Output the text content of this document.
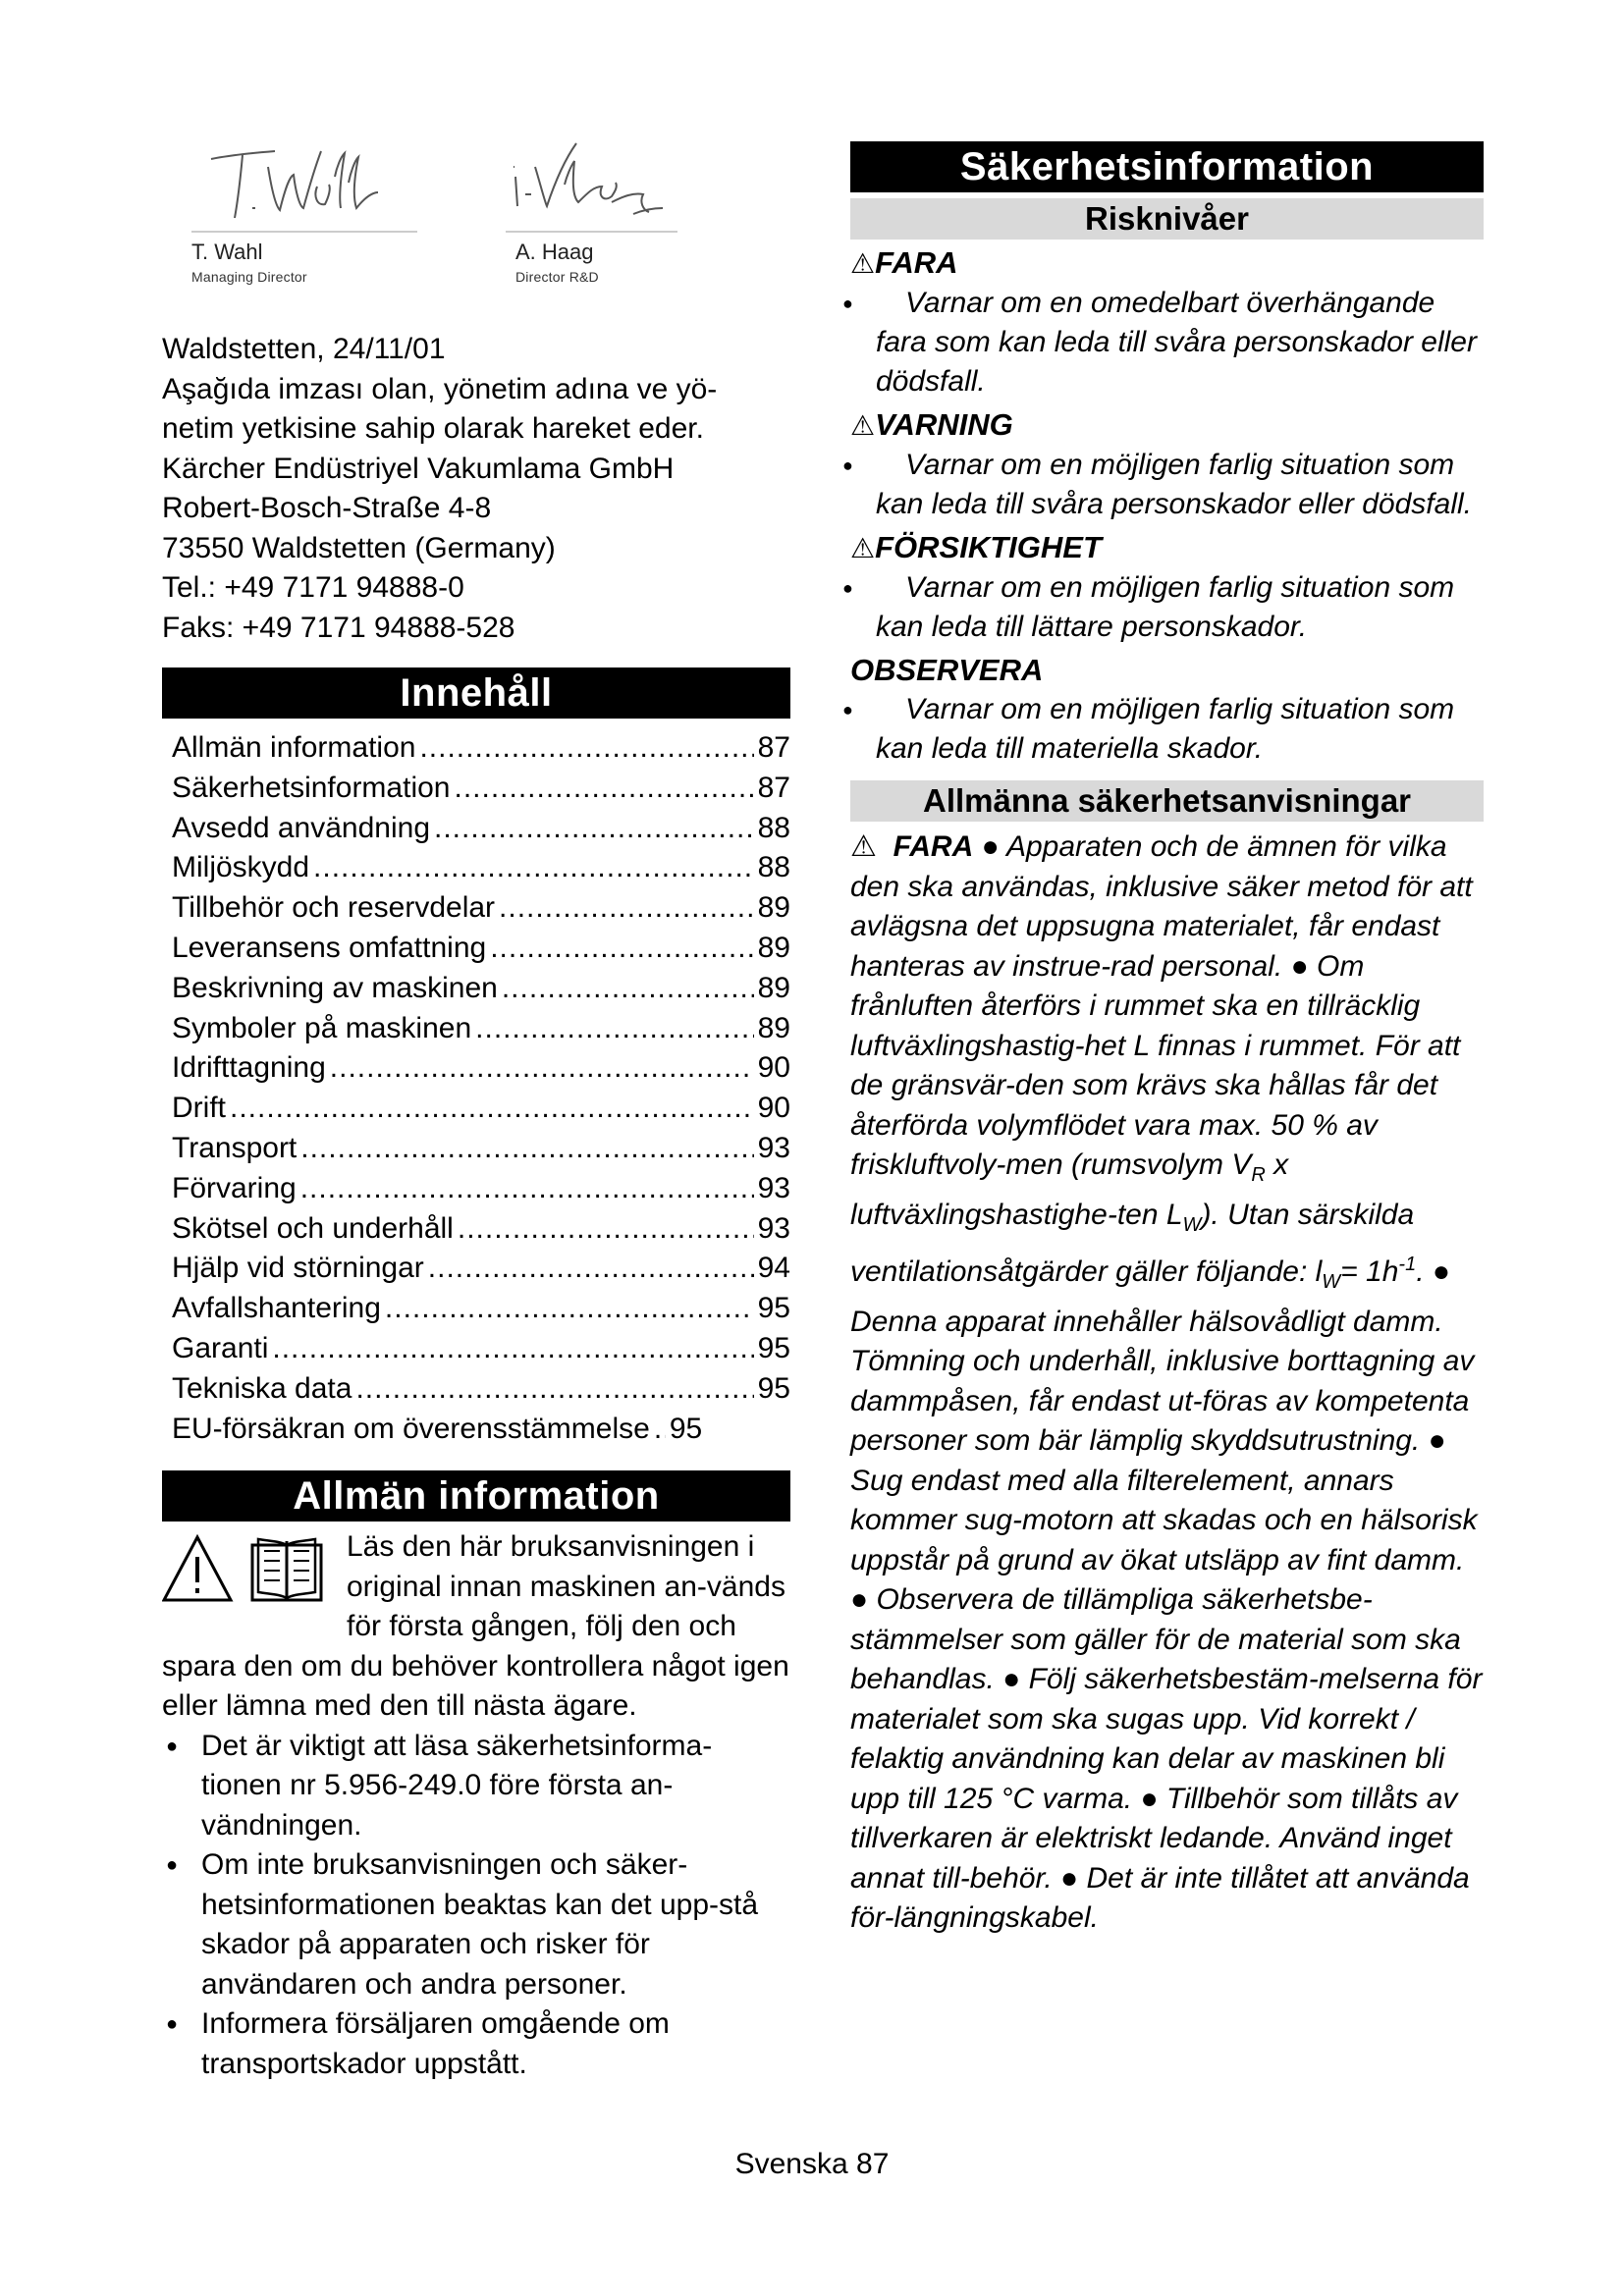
T. Wahl
Managing Director
A. Haag
Director R&D

Waldstetten, 24/11/01

Aşağıda imzası olan, yönetim adına ve yö-

netim yetkisine sahip olarak hareket eder.

Kärcher Endüstriyel Vakumlama GmbH

Robert-Bosch-Straße 4-8

73550 Waldstetten (Germany)

Tel.: +49 7171 94888-0

Faks: +49 7171 94888-528

Innehåll
Allmän information .....	87
Säkerhetsinformation .....	87
Avsedd användning .....	88
Miljöskydd .....	88
Tillbehör och reservdelar .....	89
Leveransens omfattning .....	89
Beskrivning av maskinen .....	89
Symboler på maskinen .....	89
Idrifttagning .....	90
Drift .....	90
Transport .....	93
Förvaring .....	93
Skötsel och underhåll .....	93
Hjälp vid störningar .....	94
Avfallshantering .....	95
Garanti .....	95
Tekniska data .....	95
EU-försäkran om överensstämmelse ..... 95
Allmän information

Läs den här bruksanvisningen i original innan maskinen an-vänds för första gången, följ den och spara den om du behöver kontrollera något igen eller lämna med den till nästa ägare.

● Det är viktigt att läsa säkerhetsinforma-tionen nr 5.956-249.0 före första an-vändningen.
● Om inte bruksanvisningen och säker-hetsinformationen beaktas kan det upp-stå skador på apparaten och risker för användaren och andra personer.
● Informera försäljaren omgående om transportskador uppstått.
Säkerhetsinformation
Risknivåer
⚠FARA
● Varnar om en omedelbart överhängande fara som kan leda till svåra personskador eller dödsfall.
⚠VARNING
● Varnar om en möjligen farlig situation som kan leda till svåra personskador eller dödsfall.
⚠FÖRSIKTIGHET
● Varnar om en möjligen farlig situation som kan leda till lättare personskador.
OBSERVERA
● Varnar om en möjligen farlig situation som kan leda till materiella skador.
Allmänna säkerhetsanvisningar

⚠ FARA ● Apparaten och de ämnen för vilka den ska användas, inklusive säker metod för att avlägsna det uppsugna materialet, får endast hanteras av instrue-rad personal. ● Om frånluften återförs i rummet ska en tillräcklig luftväxlingshastig-het L finnas i rummet. För att de gränsvär-den som krävs ska hållas får det återförda volymflödet vara max. 50 % av friskluftvoly-men (rumsvolym $V_R$ x luftväxlingshastighe-ten $L_W$). Utan särskilda ventilationsåtgärder gäller följande: $l_W= 1h^{-1}$. ● Denna apparat innehåller hälsovådligt damm. Tömning och underhåll, inklusive borttagning av dammpåsen, får endast ut-föras av kompetenta personer som bär lämplig skyddsutrustning. ● Sug endast med alla filterelement, annars kommer sug-motorn att skadas och en hälsorisk uppstår på grund av ökat utsläpp av fint damm. ● Observera de tillämpliga säkerhetsbe-stämmelser som gäller för de material som ska behandlas. ● Följ säkerhetsbestäm-melserna för materialet som ska sugas upp. Vid korrekt / felaktig användning kan delar av maskinen bli upp till 125 °C varma. ● Tillbehör som tillåts av tillverkaren är elektriskt ledande. Använd inget annat till-behör. ● Det är inte tillåtet att använda för-längningskabel.

Svenska 87
